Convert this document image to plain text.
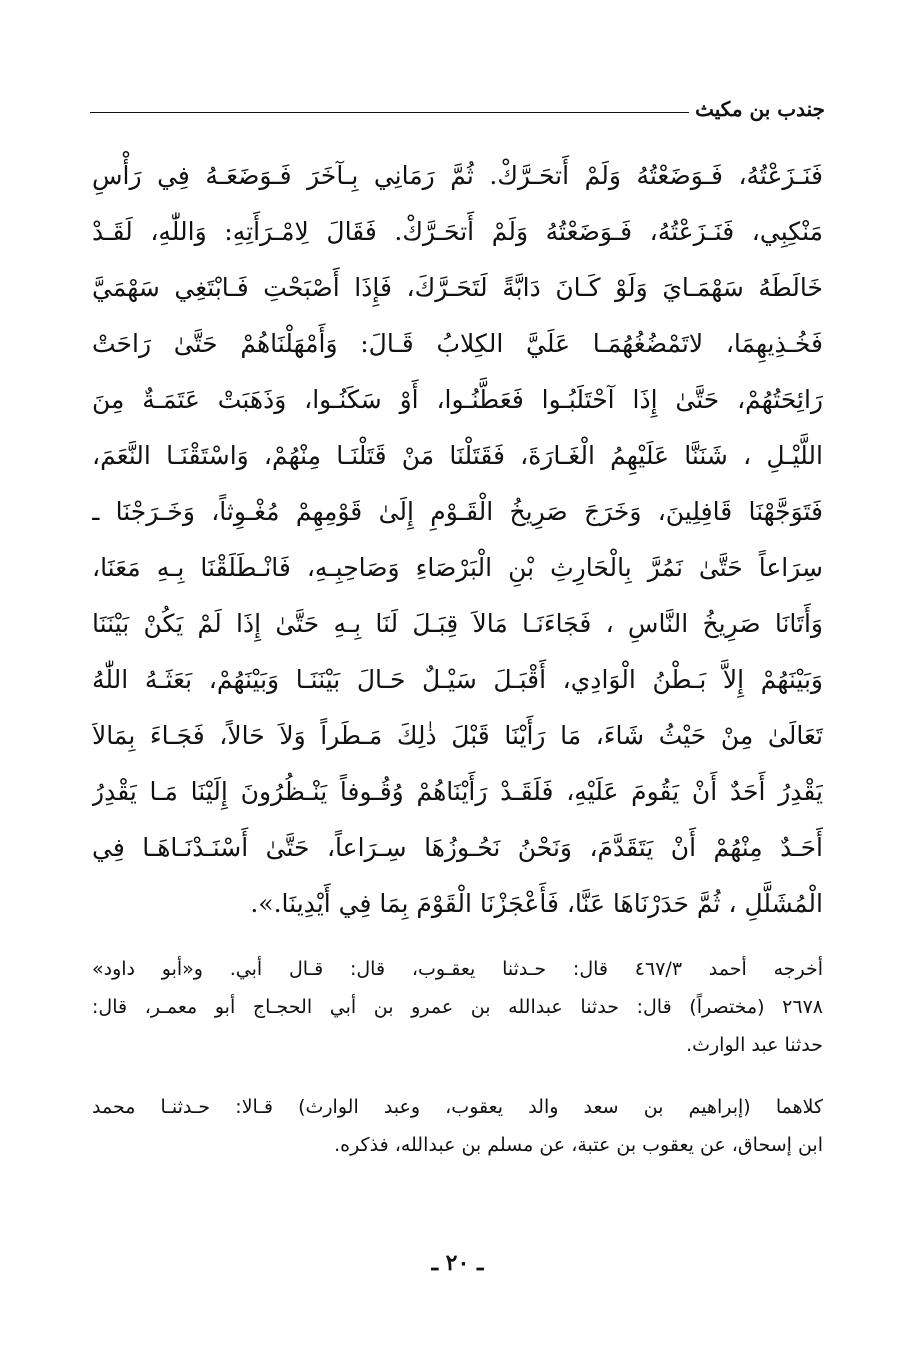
جندب بن مكيث
فَنَـزَعْتُهُ، فَـوَضَعْتُهُ وَلَمْ أَتحَـرَّكْ. ثُمَّ رَمَانِي بِـآخَرَ فَـوَضَعَـهُ فِي رَأْسِ
مَنْكِبِي، فَنَـزَعْتُهُ، فَـوَضَعْتُهُ وَلَمْ أَتحَـرَّكْ. فَقَالَ لِامْـرَأَتِهِ: وَاللّٰهِ، لَقَـدْ
خَالَطَهُ سَهْمَـايَ وَلَوْ كَـانَ دَابَّةً لَتَحَـرَّكَ، فَإِذَا أَصْبَحْتِ فَـابْتَغِي سَهْمَيَّ
فَخُـذِيهِمَا، لاتَمْضُغُهُمَـا عَلَيَّ الكِلابُ قَـالَ: وَأَمْهَلْنَاهُمْ حَتَّىٰ رَاحَتْ
رَائِحَتُهُمْ، حَتَّىٰ إِذَا آحْتَلَبُـوا فَعَطَّنُـوا، أَوْ سَكَنُـوا، وَذَهَبَتْ عَتَمَـةٌ مِنَ
اللَّيْـلِ ، شَنَنَّا عَلَيْهِمُ الْغَـارَةَ، فَقَتَلْنَا مَنْ قَتَلْنَـا مِنْهُمْ، وَاسْتَقْنَـا النَّعَمَ،
فَتَوَجَّهْنَا قَافِلِينَ، وَخَرَجَ صَرِيخُ الْقَـوْمِ إِلَىٰ قَوْمِهِمْ مُغْـوِثاً، وَخَـرَجْنَا ـ
سِرَاعاً حَتَّىٰ نَمُرَّ بِالْحَارِثِ بْنِ الْبَرْصَاءِ وَصَاحِبِـهِ، فَانْـطَلَقْنَا بِـهِ مَعَنَا،
وَأَتَانَا صَرِيخُ النَّاسِ ، فَجَاءَنَـا مَالاَ قِبَـلَ لَنَا بِـهِ حَتَّىٰ إِذَا لَمْ يَكُنْ بَيْنَنَا
وَبَيْنَهُمْ إِلاَّ بَـطْنُ الْوَادِي، أَقْبَـلَ سَيْـلٌ حَـالَ بَيْنَنَـا وَبَيْنَهُمْ، بَعَثَـهُ اللّٰهُ
تَعَالَىٰ مِنْ حَيْثُ شَاءَ، مَا رَأَيْنَا قَبْلَ ذٰلِكَ مَـطَراً وَلاَ حَالاً، فَجَـاءَ بِمَالاَ
يَقْدِرُ أَحَدٌ أَنْ يَقُومَ عَلَيْهِ، فَلَقَـدْ رَأَيْنَاهُمْ وُقُـوفاً يَنْـظُرُونَ إِلَيْنَا مَـا يَقْدِرُ
أَحَـدٌ مِنْهُمْ أَنْ يَتَقَدَّمَ، وَنَحْنُ نَحُـوزُهَا سِـرَاعاً، حَتَّىٰ أَسْنَـدْنَـاهَـا فِي
الْمُشَلَّلِ ، ثُمَّ حَدَرْنَاهَا عَنَّا، فَأَعْجَزْنَا الْقَوْمَ بِمَا فِي أَيْدِينَا.».
أخرجه أحمد ٤٦٧/٣ قال: حـدثنا يعقـوب، قال: قـال أبي. و«أبو داود»
٢٦٧٨ (مختصراً) قال: حدثنا عبدالله بن عمرو بن أبي الحجـاج أبو معمـر، قال:
حدثنا عبد الوارث.
كلاهما (إبراهيم بن سعد والد يعقوب، وعبد الوارث) قـالا: حـدثنـا محمد
ابن إسحاق، عن يعقوب بن عتبة، عن مسلم بن عبدالله، فذكره.
ـ ٢٠ ـ
